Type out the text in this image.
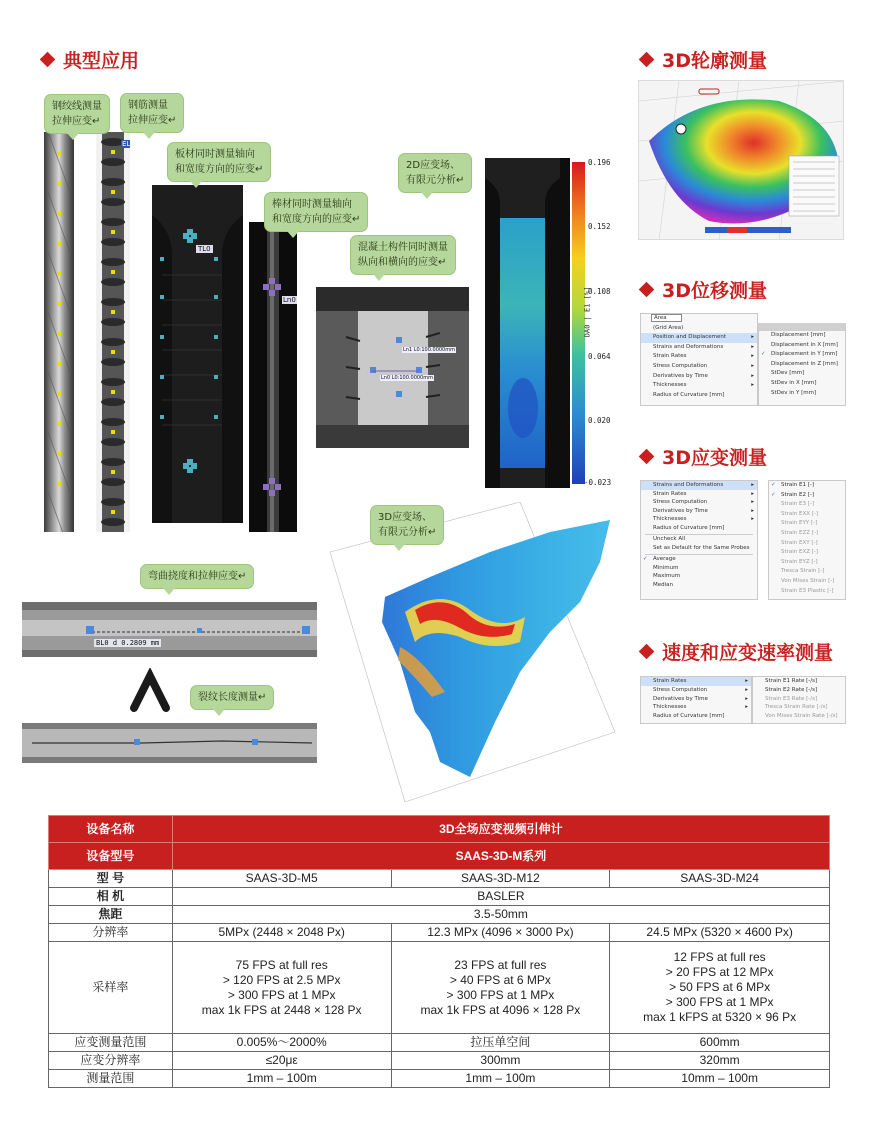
典型应用	3D轮廓测量
3D位移测量
3D应变测量
速度和应变速率测量
EL
TL0
Ln0
Ln1 L0:100.0000mm
Ln0 L0:100.0000mm
DA0 | E1 [%]
0.196
0.152
0.108
0.064
0.020
-0.023
BL0 d 0.2809 mm
钢绞线测量
拉伸应变↵
钢筋测量
拉伸应变↵
板材同时测量轴向
和宽度方向的应变↵
棒材同时测量轴向
和宽度方向的应变↵
混凝土构件同时测量
纵向和横向的应变↵
2D应变场、
有限元分析↵
3D应变场、
有限元分析↵
弯曲挠度和拉伸应变↵
裂纹长度测量↵
Area
(Grid Area)
Position and Displacement	▸
Strains and Deformations	▸
Strain Rates	▸
Stress Computation	▸
Derivatives by Time	▸
Thicknesses	▸
Radius of Curvature [mm]
Displacement [mm]
Displacement in X [mm]
✓ Displacement in Y [mm]
Displacement in Z [mm]
StDev [mm]
StDev in X [mm]
StDev in Y [mm]
Strains and Deformations	▸
Strain Rates	▸
Stress Computation	▸
Derivatives by Time	▸
Thicknesses	▸
Radius of Curvature [mm]
Uncheck All
Set as Default for the Same Probes
✓ Average
Minimum
Maximum
Median
✓ Strain E1 [-]
✓ Strain E2 [-]
Strain E3 [-]
Strain EXX [-]
Strain EYY [-]
Strain EZZ [-]
Strain EXY [-]
Strain EXZ [-]
Strain EYZ [-]
Tresca Strain [-]
Von Mises Strain [-]
Strain E3 Plastic [-]
Strain Rates	▸
Stress Computation	▸
Derivatives by Time	▸
Thicknesses	▸
Radius of Curvature [mm]
Strain E1 Rate [-/s]
Strain E2 Rate [-/s]
Strain E3 Rate [-/s]
Tresca Strain Rate [-/s]
Von Mises Strain Rate [-/s]
设备名称	3D全场应变视频引伸计		
设备型号	SAAS-3D-M系列		
型 号	SAAS-3D-M5	SAAS-3D-M12	SAAS-3D-M24
相 机	BASLER		
焦距	3.5-50mm		
分辨率	5MPx (2448 × 2048 Px)	12.3 MPx (4096 × 3000 Px)	24.5 MPx (5320 × 4600 Px)
采样率	75 FPS at full res
> 120 FPS at 2.5 MPx
> 300 FPS at 1 MPx
max 1k FPS at 2448 × 128 Px	23 FPS at full res
> 40 FPS at 6 MPx
> 300 FPS at 1 MPx
max 1k FPS at 4096 × 128 Px	12 FPS at full res
> 20 FPS at 12 MPx
> 50 FPS at 6 MPx
> 300 FPS at 1 MPx
max 1 kFPS at 5320 × 96 Px
应变测量范围	0.005%～2000%	拉压单空间	600mm
应变分辨率	≤20με	300mm	320mm
测量范围	1mm – 100m	1mm – 100m	10mm – 100m
